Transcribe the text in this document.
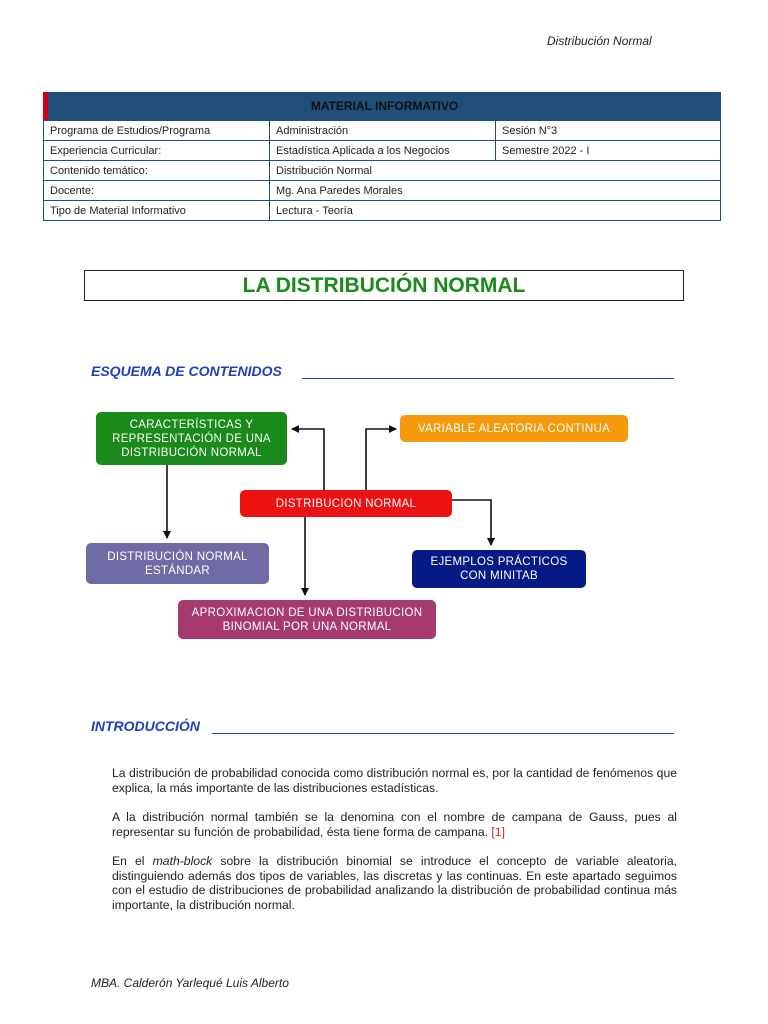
Distribución Normal
MATERIAL INFORMATIVO
Programa de Estudios/Programa	Administración	Sesión N°3
Experiencia Curricular:	Estadística Aplicada a los Negocios	Semestre 2022 - I
Contenido temático:	Distribución Normal	
Docente:	Mg. Ana Paredes Morales	
Tipo de Material Informativo	Lectura - Teoría	
LA DISTRIBUCIÓN NORMAL
ESQUEMA DE CONTENIDOS
CARACTERÍSTICAS Y REPRESENTACIÓN DE UNA DISTRIBUCIÓN NORMAL
VARIABLE ALEATORIA CONTINUA
DISTRIBUCION NORMAL
DISTRIBUCIÓN NORMAL ESTÁNDAR
EJEMPLOS PRÁCTICOS CON MINITAB
APROXIMACION DE UNA DISTRIBUCION BINOMIAL POR UNA NORMAL
INTRODUCCIÓN
La distribución de probabilidad conocida como distribución normal es, por la cantidad de fenómenos que explica, la más importante de las distribuciones estadísticas.
A la distribución normal también se la denomina con el nombre de campana de Gauss, pues al representar su función de probabilidad, ésta tiene forma de campana. [1]
En el math-block sobre la distribución binomial se introduce el concepto de variable aleatoria, distinguiendo además dos tipos de variables, las discretas y las continuas. En este apartado seguimos con el estudio de distribuciones de probabilidad analizando la distribución de probabilidad continua más importante, la distribución normal.
MBA. Calderón Yarlequé Luis Alberto
